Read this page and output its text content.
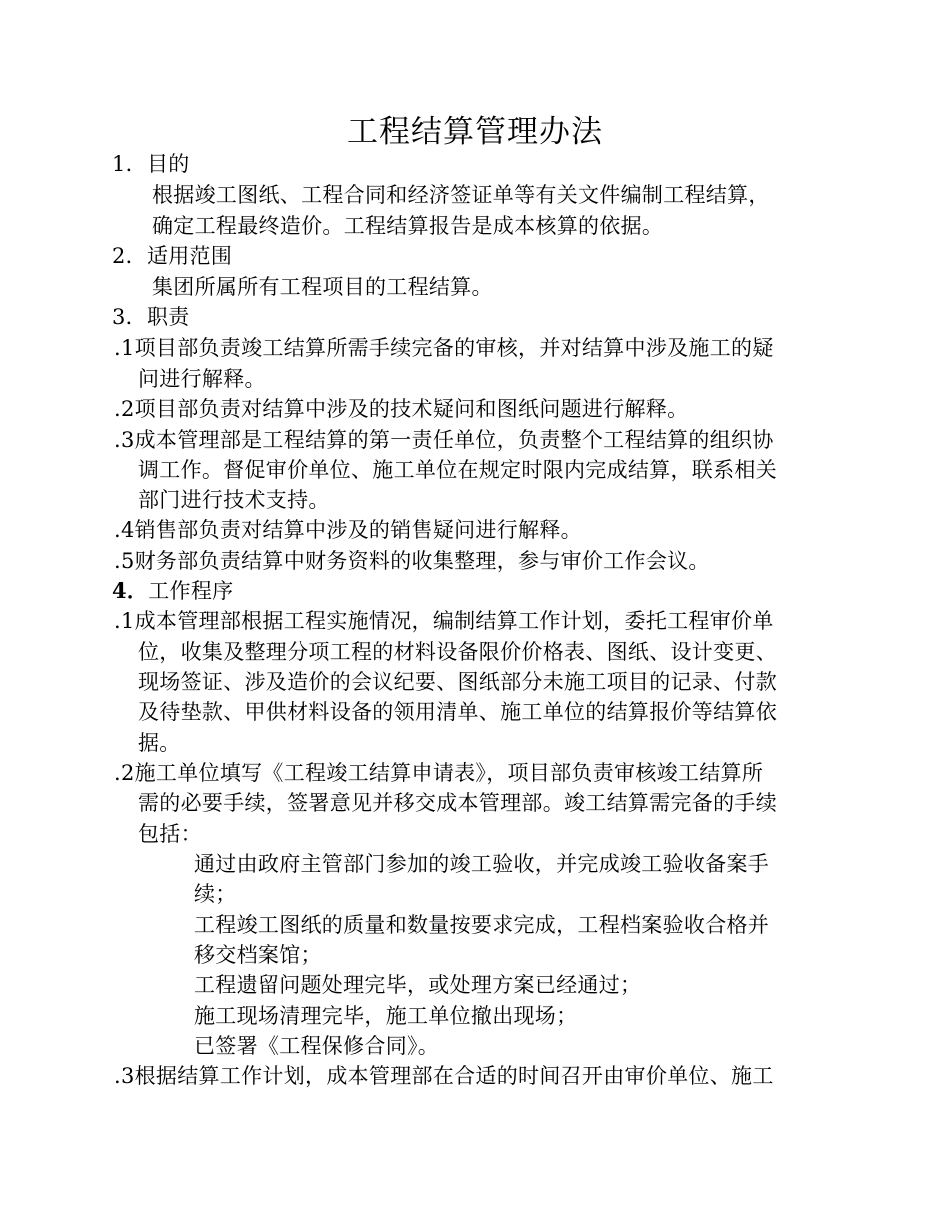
工程结算管理办法
1．目的
根据竣工图纸、工程合同和经济签证单等有关文件编制工程结算，
确定工程最终造价。工程结算报告是成本核算的依据。
2．适用范围
集团所属所有工程项目的工程结算。
3．职责
.1项目部负责竣工结算所需手续完备的审核，并对结算中涉及施工的疑
问进行解释。
.2项目部负责对结算中涉及的技术疑问和图纸问题进行解释。
.3成本管理部是工程结算的第一责任单位，负责整个工程结算的组织协
调工作。督促审价单位、施工单位在规定时限内完成结算，联系相关
部门进行技术支持。
.4销售部负责对结算中涉及的销售疑问进行解释。
.5财务部负责结算中财务资料的收集整理，参与审价工作会议。
4．工作程序
.1成本管理部根据工程实施情况，编制结算工作计划，委托工程审价单
位，收集及整理分项工程的材料设备限价价格表、图纸、设计变更、
现场签证、涉及造价的会议纪要、图纸部分未施工项目的记录、付款
及待垫款、甲供材料设备的领用清单、施工单位的结算报价等结算依
据。
.2施工单位填写《工程竣工结算申请表》，项目部负责审核竣工结算所
需的必要手续，签署意见并移交成本管理部。竣工结算需完备的手续
包括：
通过由政府主管部门参加的竣工验收，并完成竣工验收备案手
续；
工程竣工图纸的质量和数量按要求完成，工程档案验收合格并
移交档案馆；
工程遗留问题处理完毕，或处理方案已经通过；
施工现场清理完毕，施工单位撤出现场；
已签署《工程保修合同》。
.3根据结算工作计划，成本管理部在合适的时间召开由审价单位、施工
